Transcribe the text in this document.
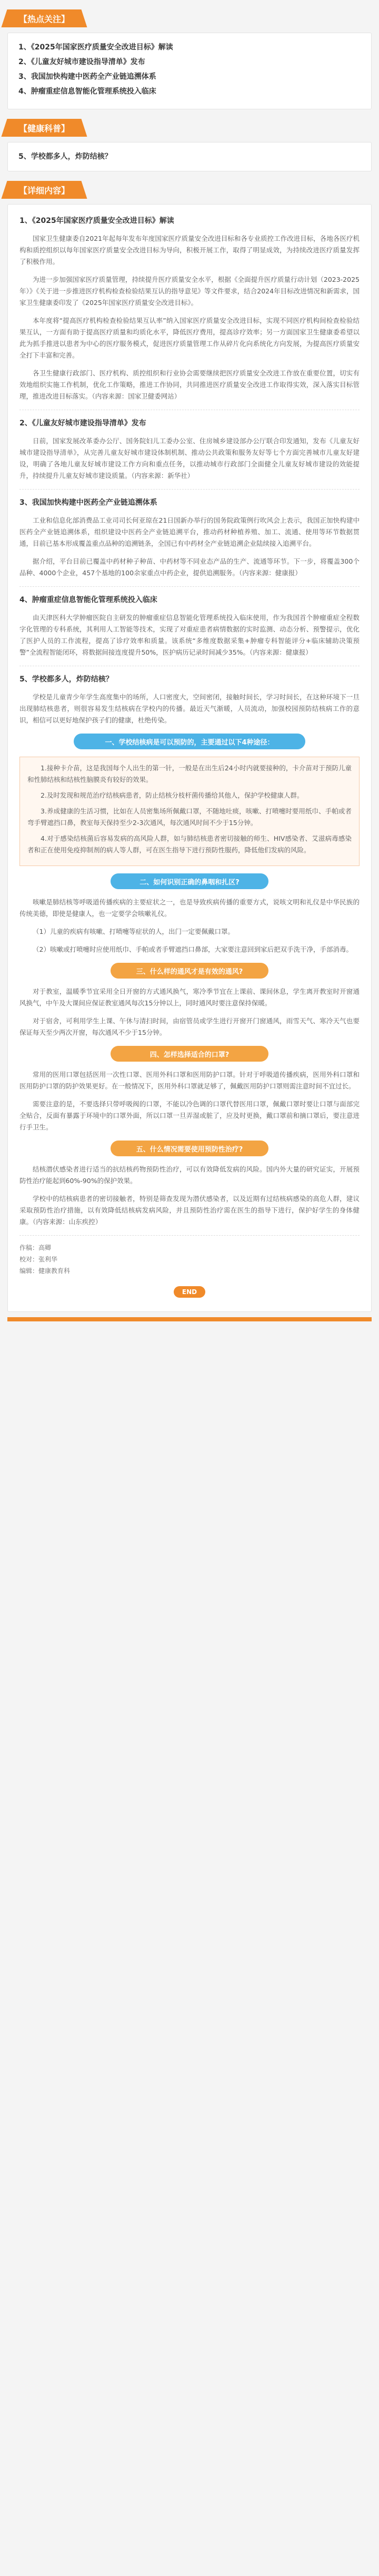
【热点关注】
1、《2025年国家医疗质量安全改进目标》解读
2、《儿童友好城市建设指导清单》发布
3、我国加快构建中医药全产业链追溯体系
4、肿瘤重症信息智能化管理系统投入临床
【健康科普】
5、学校都多人，炸防结核？
【详细内容】
1、《2025年国家医疗质量安全改进目标》解读

国家卫生健康委自2021年起每年发布年度国家医疗质量安全改进目标和各专业质控工作改进目标，各地各医疗机构和质控组织以每年国家医疗质量安全改进目标为导向，积极开展工作，取得了明显成效，为持续改进医疗质量发挥了积极作用。

为进一步加强国家医疗质量管理，持续提升医疗质量安全水平，根据《全面提升医疗质量行动计划（2023-2025年）》《关于进一步推进医疗机构检查检验结果互认的指导意见》等文件要求，结合2024年目标改进情况和新需求，国家卫生健康委印发了《2025年国家医疗质量安全改进目标》。

本年度将“提高医疗机构检查检验结果互认率”纳入国家医疗质量安全改进目标，实现不同医疗机构间检查检验结果互认，一方面有助于提高医疗质量和均质化水平，降低医疗费用，提高诊疗效率；另一方面国家卫生健康委希望以此为抓手推进以患者为中心的医疗服务模式，促进医疗质量管理工作从碎片化向系统化方向发展，为提高医疗质量安全打下丰富和完善。

各卫生健康行政部门、医疗机构、质控组织和行业协会需要继续把医疗质量安全改进工作放在重要位置，切实有效地组织实施工作机制，优化工作策略，推进工作协同，共同推进医疗质量安全改进工作取得实效，深入落实目标管理，推进改进目标落实。（内容来源：国家卫健委网站）

2、《儿童友好城市建设指导清单》发布

日前，国家发展改革委办公厅、国务院妇儿工委办公室、住房城乡建设部办公厅联合印发通知，发布《儿童友好城市建设指导清单》，从完善儿童友好城市建设体制机制、推动公共政策和服务友好等七个方面完善城市儿童友好建设，明确了各地儿童友好城市建设工作方向和重点任务，以推动城市行政部门全面健全儿童友好城市建设的效能提升，持续提升儿童友好城市建设质量。（内容来源：新华社）

3、我国加快构建中医药全产业链追溯体系

工业和信息化部消费品工业司司长何亚琼在21日国新办举行的国务院政策例行吹风会上表示，我国正加快构建中医药全产业链追溯体系，组织建设中医药全产业链追溯平台，推动药材种植养殖、加工、流通、使用等环节数据贯通，目前已基本形成覆盖重点品种的追溯链条，全国已有中药材全产业链追溯企业陆续接入追溯平台。

据介绍，平台目前已覆盖中药材种子种苗、中药材等不同业态产品的生产、流通等环节。下一步，将覆盖300个品种、4000个企业，457个基地的100余家重点中药企业，提供追溯服务。（内容来源：健康报）

4、肿瘤重症信息智能化管理系统投入临床

由天津医科大学肿瘤医院自主研发的肿瘤重症信息智能化管理系统投入临床使用，作为我国首个肿瘤重症全程数字化管理的专科系统，其利用人工智能等技术，实现了对重症患者病情数据的实时监测、动态分析、预警提示，优化了医护人员的工作流程，提高了诊疗效率和质量。该系统“多维度数据采集+肿瘤专科智能评分+临床辅助决策预警”全流程智能闭环，将数据间接连度提升50%，医护病历记录时间减少35%。（内容来源：健康报）

5、学校都多人，炸防结核？

学校是儿童青少年学生高度集中的场所，人口密度大，空间密闭，接触时间长，学习时间长，在这种环境下一旦出现肺结核患者，则很容易发生结核病在学校内的传播。最近天气渐暖，人员流动，加强校园预防结核病工作的意识，相信可以更好地保护孩子们的健康，杜绝传染。

一、学校结核病是可以预防的，主要通过以下4种途径：

1.接种卡介苗，这是我国每个人出生的第一针，一般是在出生后24小时内就要接种的，卡介苗对于预防儿童和性肺结核和结核性脑膜炎有较好的效果。

2.及时发现和规范治疗结核病患者，防止结核分枝杆菌传播给其他人，保护学校健康人群。

3.养成健康的生活习惯，比如在人员密集场所佩戴口罩，不随地吐痰，咳嗽、打喷嚏时要用纸巾、手帕或者弯手臂遮挡口鼻，教室每天保持至少2-3次通风，每次通风时间不少于15分钟。

4.对于感染结核菌后容易发病的高风险人群，如与肺结核患者密切接触的师生、HIV感染者、艾滋病毒感染者和正在使用免疫抑制剂的病人等人群，可在医生指导下进行预防性服药，降低他们发病的风险。

二、如何识别正确的鼻咽和扎区?

咳嗽是肺结核等呼吸道传播疾病的主要症状之一，也是导致疾病传播的重要方式，说咳文明和礼仪是中华民族的传统美德，即使是健康人，也一定要学会咳嗽礼仪。

（1）儿童的疾病有咳嗽、打喷嚏等症状的人，出门一定要佩戴口罩。

（2）咳嗽或打喷嚏时应使用纸巾、手帕或者手臂遮挡口鼻部，大家要注意回到家后把双手洗干净，手部消毒。

三、什么样的通风才是有效的通风?

对于教室，温暖季节宜采用全日开窗的方式通风换气，寒冷季节宜在上课前、课间休息，学生离开教室时开窗通风换气，中午及大课间应保证教室通风每次15分钟以上，同时通风时要注意保持保暖。

对于宿舍，可利用学生上课、午休与清扫时间，由宿管员或学生进行开窗开门窗通风，雨雪天气、寒冷天气也要保证每天至少两次开窗，每次通风不少于15分钟。

四、怎样选择适合的口罩?

常用的医用口罩包括医用一次性口罩、医用外科口罩和医用防护口罩。针对于呼吸道传播疾病，医用外科口罩和医用防护口罩的防护效果更好。在一般情况下，医用外科口罩就足够了，佩戴医用防护口罩则需注意时间不宜过长。

需要注意的是，不要选择只带呼吸阀的口罩，不能以冷色调的口罩代替医用口罩，佩戴口罩时要让口罩与面部完全贴合，反面有暴露于环境中的口罩外面，所以口罩一旦弄湿或脏了，应及时更换，戴口罩前和摘口罩后，要注意进行手卫生。

五、什么情况需要使用预防性治疗?

结核潜伏感染者进行适当的抗结核药物预防性治疗，可以有效降低发病的风险。国内外大量的研究证实，开展预防性治疗能起到60%-90%的保护效果。

学校中的结核病患者的密切接触者，特别是筛查发现为潜伏感染者，以及近期有过结核病感染的高危人群，建议采取预防性治疗措施，以有效降低结核病发病风险，并且预防性治疗需在医生的指导下进行，保护好学生的身体健康。（内容来源：山东疾控）

作稿：高卿

校对：张利华

编辑：健康教育科

END
